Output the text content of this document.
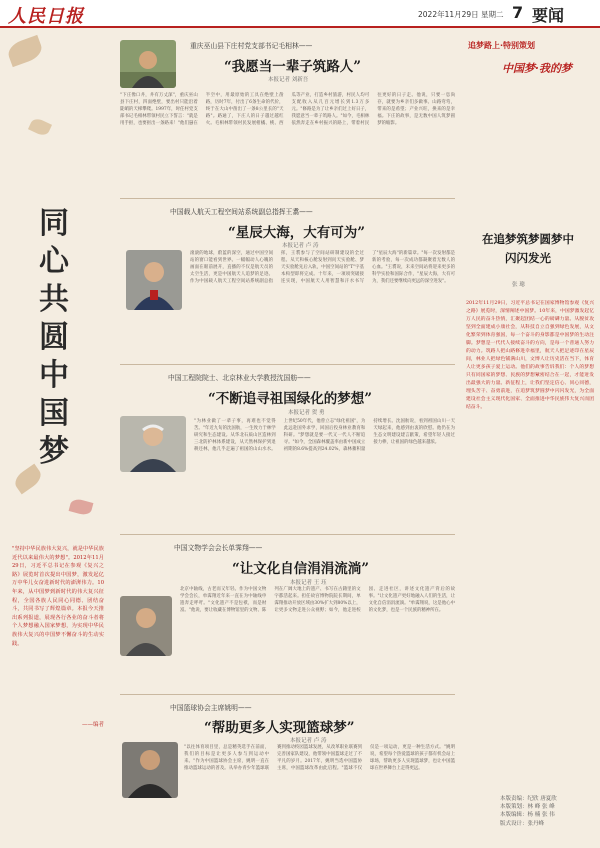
人民日报	2022年11月29日 星期二 7 要闻
同
心
共
圆
中
国
梦
"坚持中华民族伟大复兴，就是中华民族近代以来最伟大的梦想"。2012年11月29日，习近平总书记在参观《复兴之路》展览时首次提出中国梦，激发起亿万中华儿女奋进新时代的澎湃伟力。10年来，从中国梦到新时代的伟大复兴征程，全国各族人民同心同德、团结奋斗，共同书写了辉煌篇章。本报今天推出系列报道，展现各行各业的奋斗者将个人梦想融入国家梦想，为实现中华民族伟大复兴的中国梦不懈奋斗的生动实践。
——编者
追梦路上·特别策划
中国梦·我的梦
重庆巫山县下庄村党支部书记毛相林——
“我愿当一辈子筑路人”
本报记者 刘新吾
"下庄像口井，井有万丈深"，重庆巫山县下庄村，四面绝壁，要出村只能沿着陡峭的天梯攀爬。1997年，时任村党支部书记毛相林带领村民立下誓言："就是用手抠，也要抠出一条路来！"他们悬在半空中，用最原始的工具在绝壁上凿路，历时7年，付出了6条生命的代价，终于在大山中凿出了一条8公里长的"天路"。路通了，下庄人的日子越过越红火。毛相林带领村民发展柑橘、桃、西瓜等产业，打造乡村旅游，村民人均可支配收入从几百元增长到1.3万多元。"修路是为了让乡亲们过上好日子，我愿意当一辈子筑路人。"如今，毛相林依然奔走在乡村振兴的路上，带着村民往更好的日子走。他说，只要一息尚存，就要为乡亲们多做事。山路弯弯，带来的是希望；产业兴旺，换来的是幸福。下庄的故事，是无数中国人筑梦圆梦的缩影。
中国载人航天工程空间站系统副总指挥王翥——
“星辰大海，大有可为”
本报记者 卢 涛
滚滚的地球，蔚蓝的深空，通过中国空间站的窗口能看到世界。一幅幅动人心魄的画面在眼前展开，直播的不仅是航天员的太空生活，更是中国航天人追梦的足迹。作为中国载人航天工程空间站系统副总指挥，王翥参与了空间站研制建设的全过程。从天和核心舱发射到问天实验舱、梦天实验舱先后入轨，中国空间站的"T"字基本构型即将完成。十年来，一项项突破接连实现，中国航天人用智慧和汗水书写了"星辰大海"的新篇章。"每一次发射都是新的考验，每一次成功都凝聚着无数人的心血。"王翥说，未来空间站将迎来更多的科学实验和国际合作，"星辰大海，大有可为，我们还要继续向更远的深空进发"。
中国工程院院士、北京林业大学教授沈国舫——
“不断追寻祖国绿化的梦想”
本报记者 贺 勇
"为林业做了一辈子事，再难也不觉得苦。"年近九旬的沈国舫，一生致力于林学研究和生态建设。从华北石质山区造林到三北防护林体系建设，从天然林保护到退耕还林，他几乎走遍了祖国的山山水水。上世纪50年代，他曾立志"绿化祖国"，为此远赴国外求学，回国后投身林业教育和科研。"梦想就是要一代又一代人不断追寻。"如今，全国森林覆盖率由新中国成立初期的8.6%提高到24.02%，森林蓄积量持续增长。沈国舫说，看到祖国山川一天天绿起来，他感到由衷的欣慰。他仍在为生态文明建设建言献策，希望年轻人接过接力棒，让祖国的绿色越来越浓。
中国文物学会会长单霁翔——
“让文化自信涓涓流淌”
本报记者 王 珏
北京中轴线，古老而又年轻。作为中国文物学会会长，单霁翔近年来一直在为中轴线申遗奔走呼吁。"文化遗产不是包袱，而是财富。"他说，要让收藏在博物馆里的文物、陈列在广阔大地上的遗产、书写在古籍里的文字都活起来。担任故宫博物院院长期间，单霁翔推动开放区域由30%扩大到80%以上，让更多文物走进公众视野；如今，他走进校园、走进社区，讲述文化遗产背后的故事。"让文化遗产更好地融入人们的生活，让文化自信涓涓流淌。"单霁翔说，这是他心中的文化梦，也是一个民族的精神所在。
中国篮球协会主席姚明——
“帮助更多人实现篮球梦”
本报记者 卢 涛
"以往体育项目里，总是精英选手在前面，我们的目标是让更多人参与到运动中来。"作为中国篮球协会主席，姚明一直在推动篮球运动的普及。从举办青少年篮球联赛到推动校园篮球发展，从改革职业联赛到完善国家队建设，他带领中国篮球走过了不平凡的岁月。2017年，姚明当选中国篮协主席，中国篮球改革由此启程。"篮球不仅仅是一项运动，更是一种生活方式。"姚明说，希望每个热爱篮球的孩子都有机会站上球场，帮助更多人实现篮球梦，也让中国篮球在世界舞台上走得更远。
在追梦筑梦圆梦中
闪闪发光
张 璁
2012年11月29日，习近平总书记在国家博物馆参观《复兴之路》展览时，深情阐述中国梦。10年来，中国梦激发起亿万人民的奋斗热情，汇聚起团结一心的磅礴力量。从脱贫攻坚到全面建成小康社会，从科技自立自强到绿色发展，从文化繁荣到体育强国，每一个奋斗的身影都是中国梦的生动注脚。梦想是一代代人接续奋斗的方向，是每一个普通人努力的动力。筑路人把山路修进幸福里，航天人把足迹印在星辰间，林业人把绿色铺满山川，文博人让历史活在当下，体育人让更多孩子爱上运动。他们的故事告诉我们：个人的梦想只有同国家的梦想、民族的梦想紧密结合在一起，才能迸发出最强大的力量。新征程上，让我们坚定信心、同心同德，埋头苦干、奋勇前进，在追梦筑梦圆梦中闪闪发光，为全面建设社会主义现代化国家、全面推进中华民族伟大复兴而团结奋斗。
本版责编：纪欣 唐夏欣
本版策划：林 峰 张 峰
本版编辑：杨 楠 张 伟
版式设计：张丹峰
